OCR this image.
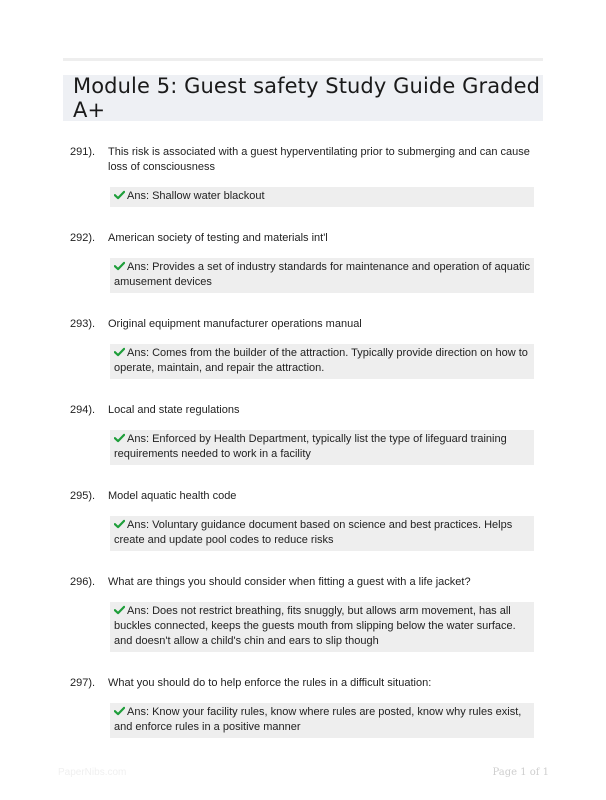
Module 5: Guest safety Study Guide Graded A+
291).	This risk is associated with a guest hyperventilating prior to submerging and can cause loss of consciousness
Ans: Shallow water blackout
292).	American society of testing and materials int'l
Ans: Provides a set of industry standards for maintenance and operation of aquatic amusement devices
293).	Original equipment manufacturer operations manual
Ans: Comes from the builder of the attraction. Typically provide direction on how to operate, maintain, and repair the attraction.
294).	Local and state regulations
Ans: Enforced by Health Department, typically list the type of lifeguard training requirements needed to work in a facility
295).	Model aquatic health code
Ans: Voluntary guidance document based on science and best practices. Helps create and update pool codes to reduce risks
296).	What are things you should consider when fitting a guest with a life jacket?
Ans: Does not restrict breathing, fits snuggly, but allows arm movement, has all buckles connected, keeps the guests mouth from slipping below the water surface. and doesn't allow a child's chin and ears to slip though
297).	What you should do to help enforce the rules in a difficult situation:
Ans: Know your facility rules, know where rules are posted, know why rules exist, and enforce rules in a positive manner
PaperNibs.com	Page 1 of 1
